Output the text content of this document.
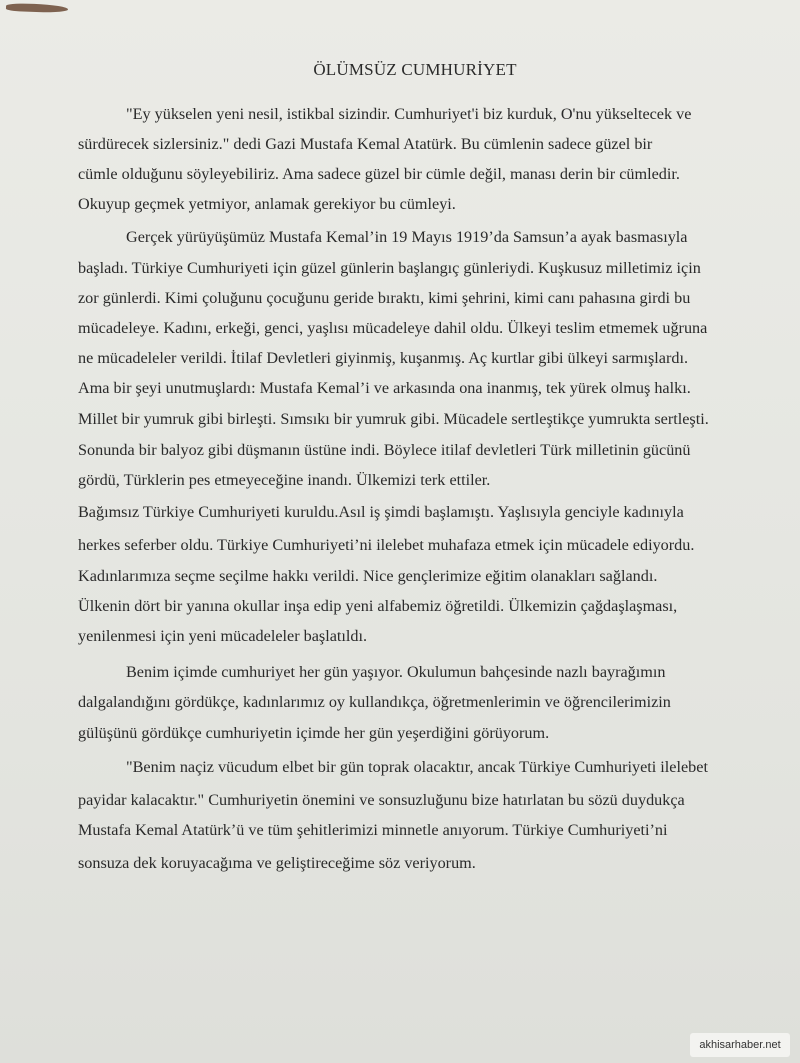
ÖLÜMSÜZ CUMHURİYET
"Ey yükselen yeni nesil, istikbal sizindir. Cumhuriyet'i biz kurduk, O'nu yükseltecek ve
sürdürecek sizlersiniz." dedi Gazi Mustafa Kemal Atatürk. Bu cümlenin sadece güzel bir
cümle olduğunu söyleyebiliriz. Ama sadece güzel bir cümle değil, manası derin bir cümledir.
Okuyup geçmek yetmiyor, anlamak gerekiyor bu cümleyi.
Gerçek yürüyüşümüz Mustafa Kemal’in 19 Mayıs 1919’da Samsun’a ayak basmasıyla
başladı. Türkiye Cumhuriyeti için güzel günlerin başlangıç günleriydi. Kuşkusuz milletimiz için
zor günlerdi. Kimi çoluğunu çocuğunu geride bıraktı, kimi şehrini, kimi canı pahasına girdi bu
mücadeleye. Kadını, erkeği, genci, yaşlısı mücadeleye dahil oldu. Ülkeyi teslim etmemek uğruna
ne mücadeleler verildi. İtilaf Devletleri giyinmiş, kuşanmış. Aç kurtlar gibi ülkeyi sarmışlardı.
Ama bir şeyi unutmuşlardı: Mustafa Kemal’i ve arkasında ona inanmış, tek yürek olmuş halkı.
Millet bir yumruk gibi birleşti. Sımsıkı bir yumruk gibi. Mücadele sertleştikçe yumrukta sertleşti.
Sonunda bir balyoz gibi düşmanın üstüne indi. Böylece itilaf devletleri Türk milletinin gücünü
gördü, Türklerin pes etmeyeceğine inandı. Ülkemizi terk ettiler.
Bağımsız Türkiye Cumhuriyeti kuruldu.Asıl iş şimdi başlamıştı. Yaşlısıyla genciyle kadınıyla
herkes seferber oldu. Türkiye Cumhuriyeti’ni ilelebet muhafaza etmek için mücadele ediyordu.
Kadınlarımıza seçme seçilme hakkı verildi. Nice gençlerimize eğitim olanakları sağlandı.
Ülkenin dört bir yanına okullar inşa edip yeni alfabemiz öğretildi. Ülkemizin çağdaşlaşması,
yenilenmesi için yeni mücadeleler başlatıldı.
Benim içimde cumhuriyet her gün yaşıyor. Okulumun bahçesinde nazlı bayrağımın
dalgalandığını gördükçe, kadınlarımız oy kullandıkça, öğretmenlerimin ve öğrencilerimizin
gülüşünü gördükçe cumhuriyetin içimde her gün yeşerdiğini görüyorum.
"Benim naçiz vücudum elbet bir gün toprak olacaktır, ancak Türkiye Cumhuriyeti ilelebet
payidar kalacaktır." Cumhuriyetin önemini ve sonsuzluğunu bize hatırlatan bu sözü duydukça
Mustafa Kemal Atatürk’ü ve tüm şehitlerimizi minnetle anıyorum. Türkiye Cumhuriyeti’ni
sonsuza dek koruyacağıma ve geliştireceğime söz veriyorum.
akhisarhaber.net
